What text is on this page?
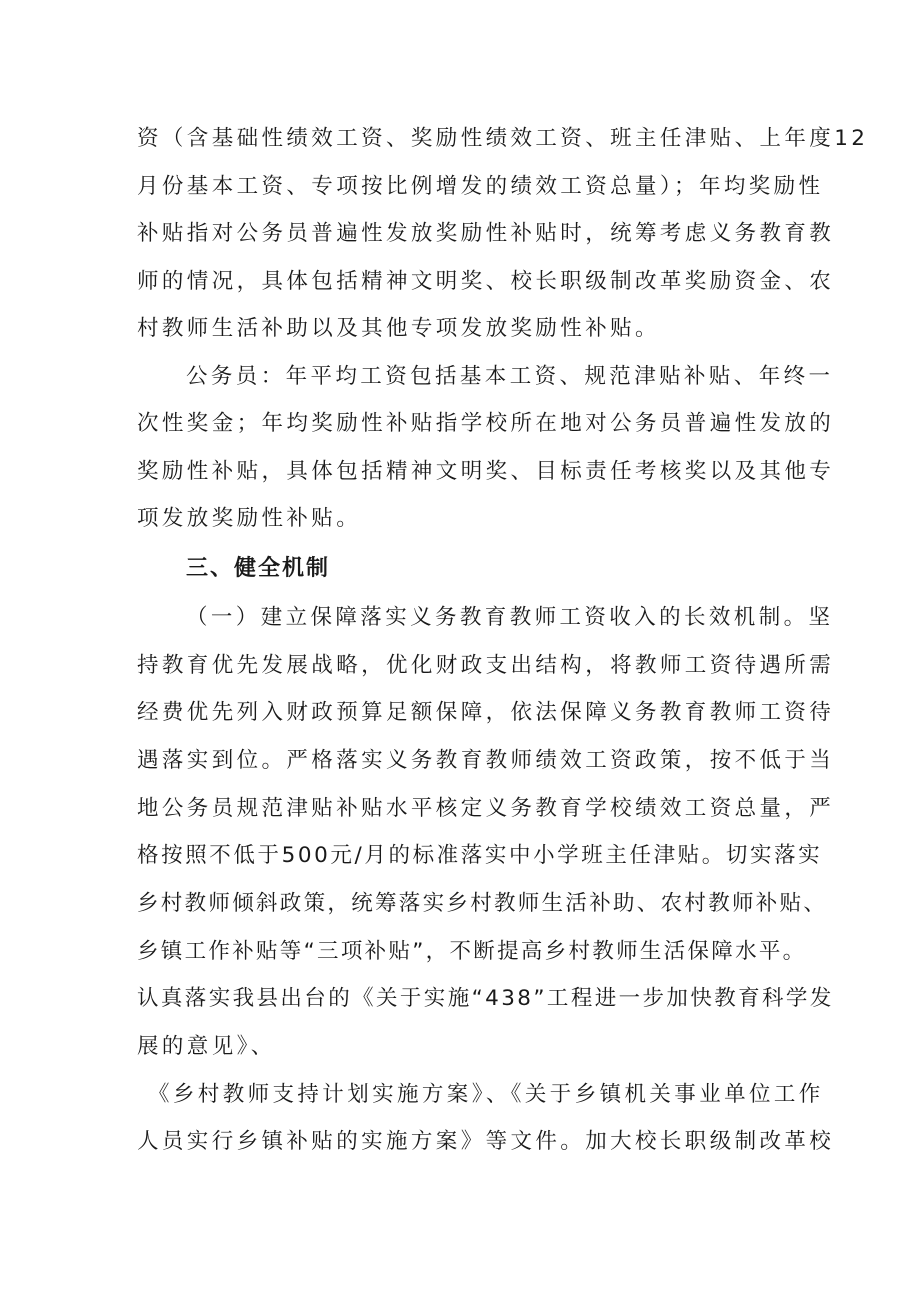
资（含基础性绩效工资、奖励性绩效工资、班主任津贴、上年度12
月份基本工资、专项按比例增发的绩效工资总量）；年均奖励性
补贴指对公务员普遍性发放奖励性补贴时，统筹考虑义务教育教
师的情况，具体包括精神文明奖、校长职级制改革奖励资金、农
村教师生活补助以及其他专项发放奖励性补贴。
公务员：年平均工资包括基本工资、规范津贴补贴、年终一
次性奖金；年均奖励性补贴指学校所在地对公务员普遍性发放的
奖励性补贴，具体包括精神文明奖、目标责任考核奖以及其他专
项发放奖励性补贴。
三、健全机制
（一）建立保障落实义务教育教师工资收入的长效机制。坚
持教育优先发展战略，优化财政支出结构，将教师工资待遇所需
经费优先列入财政预算足额保障，依法保障义务教育教师工资待
遇落实到位。严格落实义务教育教师绩效工资政策，按不低于当
地公务员规范津贴补贴水平核定义务教育学校绩效工资总量，严
格按照不低于500元/月的标准落实中小学班主任津贴。切实落实
乡村教师倾斜政策，统筹落实乡村教师生活补助、农村教师补贴、
乡镇工作补贴等“三项补贴”，不断提高乡村教师生活保障水平。
认真落实我县出台的《关于实施“438”工程进一步加快教育科学发
展的意见》、
《乡村教师支持计划实施方案》、《关于乡镇机关事业单位工作
人员实行乡镇补贴的实施方案》等文件。加大校长职级制改革校
